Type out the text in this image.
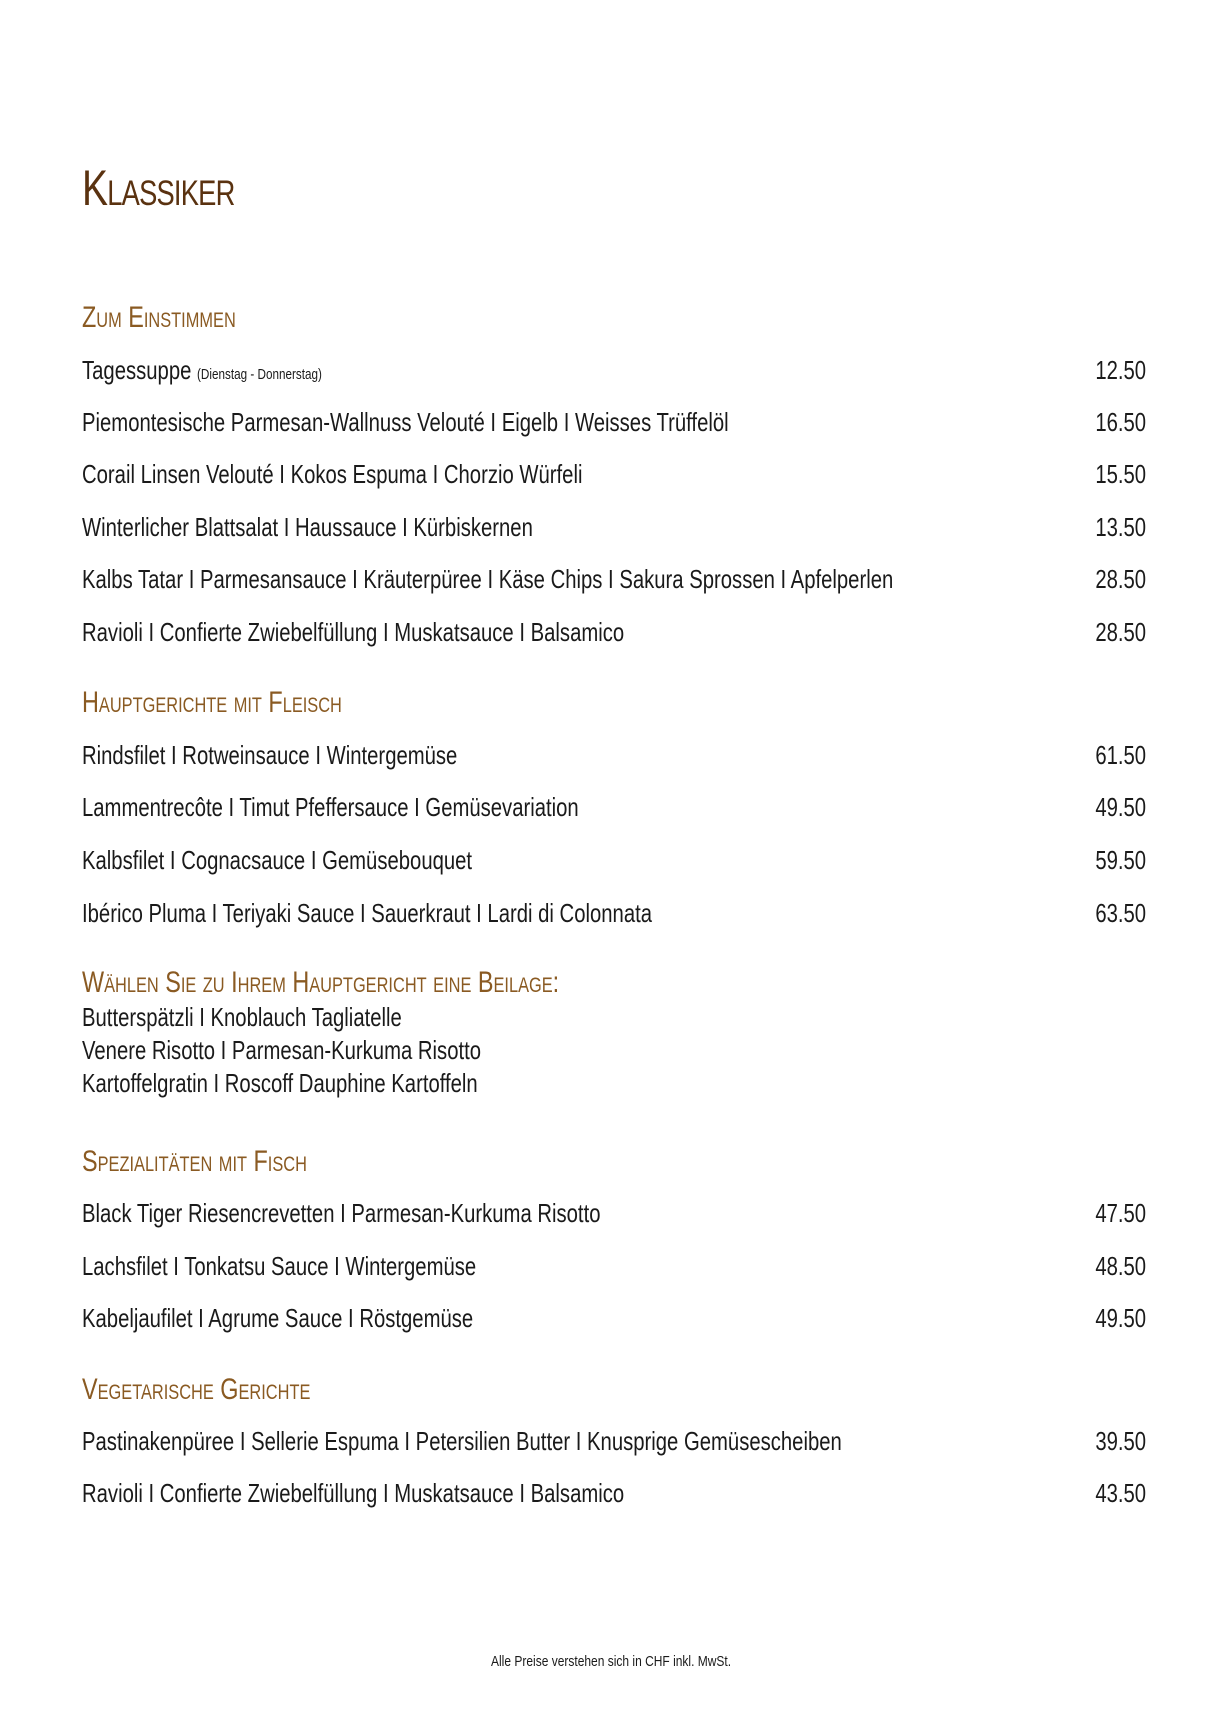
Klassiker
Zum Einstimmen
Tagessuppe (Dienstag - Donnerstag)	12.50
Piemontesische Parmesan-Wallnuss Velouté I Eigelb I Weisses Trüffelöl	16.50
Corail Linsen Velouté I Kokos Espuma I Chorzio Würfeli	15.50
Winterlicher Blattsalat I Haussauce I Kürbiskernen	13.50
Kalbs Tatar I Parmesansauce I Kräuterpüree I Käse Chips I Sakura Sprossen I Apfelperlen	28.50
Ravioli I Confierte Zwiebelfüllung I Muskatsauce I Balsamico	28.50
Hauptgerichte mit Fleisch
Rindsfilet I Rotweinsauce I Wintergemüse	61.50
Lammentrecôte I Timut Pfeffersauce I Gemüsevariation	49.50
Kalbsfilet I Cognacsauce I Gemüsebouquet	59.50
Ibérico Pluma I Teriyaki Sauce I Sauerkraut I Lardi di Colonnata	63.50
Wählen Sie zu Ihrem Hauptgericht eine Beilage:
Butterspätzli I Knoblauch Tagliatelle
Venere Risotto I Parmesan-Kurkuma Risotto
Kartoffelgratin I Roscoff Dauphine Kartoffeln
Spezialitäten mit Fisch
Black Tiger Riesencrevetten I Parmesan-Kurkuma Risotto	47.50
Lachsfilet I Tonkatsu Sauce I Wintergemüse	48.50
Kabeljaufilet I Agrume Sauce I Röstgemüse	49.50
Vegetarische Gerichte
Pastinakenpüree I Sellerie Espuma I Petersilien Butter I Knusprige Gemüsescheiben	39.50
Ravioli I Confierte Zwiebelfüllung I Muskatsauce I Balsamico	43.50
Alle Preise verstehen sich in CHF inkl. MwSt.
